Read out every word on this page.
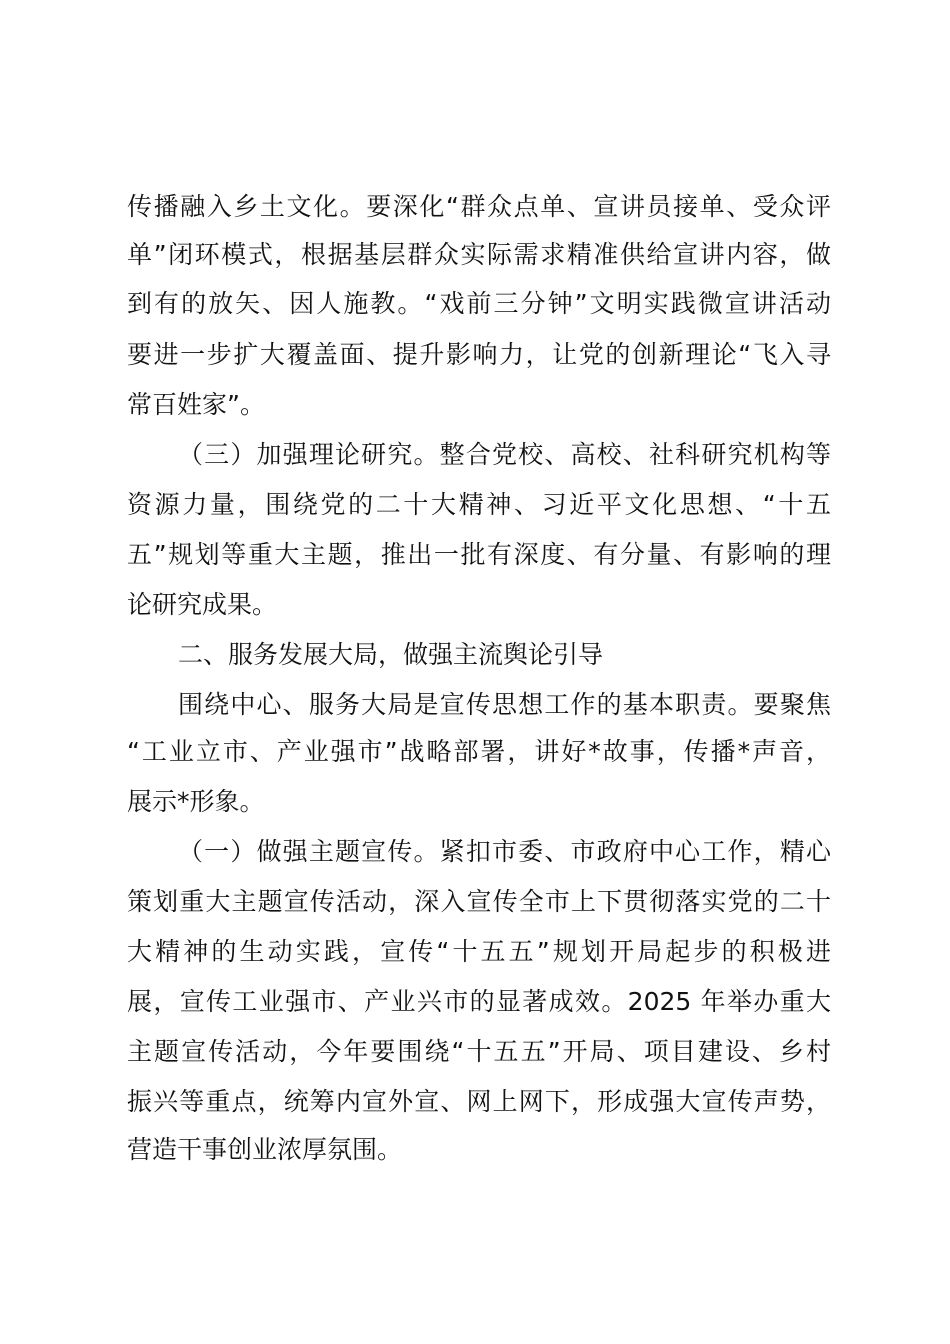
传播融入乡土文化。要深化“群众点单、宣讲员接单、受众评
单”闭环模式，根据基层群众实际需求精准供给宣讲内容，做
到有的放矢、因人施教。“戏前三分钟”文明实践微宣讲活动
要进一步扩大覆盖面、提升影响力，让党的创新理论“飞入寻
常百姓家”。
（三）加强理论研究。整合党校、高校、社科研究机构等
资源力量，围绕党的二十大精神、习近平文化思想、“十五
五”规划等重大主题，推出一批有深度、有分量、有影响的理
论研究成果。
二、服务发展大局，做强主流舆论引导
围绕中心、服务大局是宣传思想工作的基本职责。要聚焦
“工业立市、产业强市”战略部署，讲好*故事，传播*声音，
展示*形象。
（一）做强主题宣传。紧扣市委、市政府中心工作，精心
策划重大主题宣传活动，深入宣传全市上下贯彻落实党的二十
大精神的生动实践，宣传“十五五”规划开局起步的积极进
展，宣传工业强市、产业兴市的显著成效。2025 年举办重大
主题宣传活动，今年要围绕“十五五”开局、项目建设、乡村
振兴等重点，统筹内宣外宣、网上网下，形成强大宣传声势，
营造干事创业浓厚氛围。
